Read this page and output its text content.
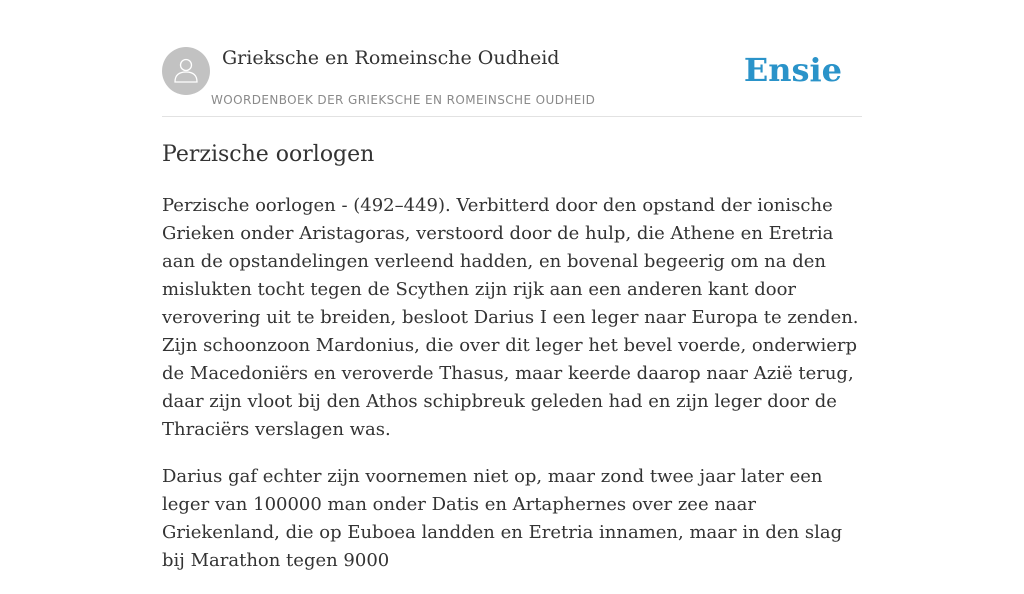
Grieksche en Romeinsche Oudheid
WOORDENBOEK DER GRIEKSCHE EN ROMEINSCHE OUDHEID
Ensie
Perzische oorlogen

Perzische oorlogen - (492–449). Verbitterd door den opstand der ionische Grieken onder Aristagoras, verstoord door de hulp, die Athene en Eretria aan de opstandelingen verleend hadden, en bovenal begeerig om na den mislukten tocht tegen de Scythen zijn rijk aan een anderen kant door verovering uit te breiden, besloot Darius I een leger naar Europa te zenden. Zijn schoonzoon Mardonius, die over dit leger het bevel voerde, onderwierp de Macedoniërs en veroverde Thasus, maar keerde daarop naar Azië terug, daar zijn vloot bij den Athos schipbreuk geleden had en zijn leger door de Thraciërs verslagen was.

Darius gaf echter zijn voornemen niet op, maar zond twee jaar later een leger van 100000 man onder Datis en Artaphernes over zee naar Griekenland, die op Euboea landden en Eretria innamen, maar in den slag bij Marathon tegen 9000
